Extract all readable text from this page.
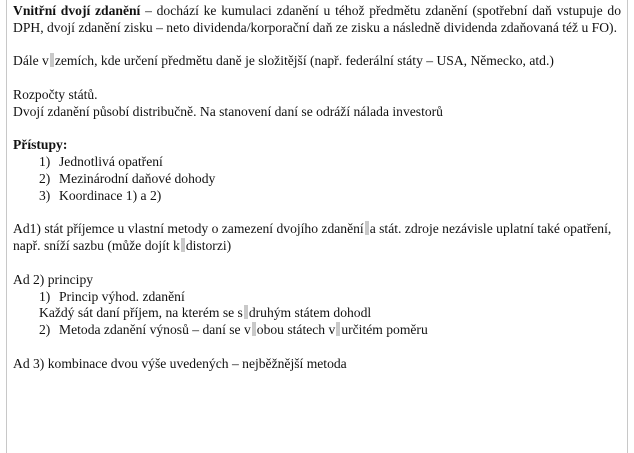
Vnitřní dvojí zdanění – dochází ke kumulaci zdanění u téhož předmětu zdanění (spotřební daň vstupuje do DPH, dvojí zdanění zisku – neto dividenda/korporační daň ze zisku a následně dividenda zdaňovaná též u FO).

Dále v zemích, kde určení předmětu daně je složitější (např. federální státy – USA, Německo, atd.)

Rozpočty států.

Dvojí zdanění působí distribučně. Na stanovení daní se odráží nálada investorů

Přístupy:

1) Jednotlivá opatření
2) Mezinárodní daňové dohody
3) Koordinace 1) a 2)

Ad1) stát příjemce u vlastní metody o zamezení dvojího zdanění a stát. zdroje nezávisle uplatní také opatření, např. sníží sazbu (může dojít k distorzi)

Ad 2) principy

1) Princip výhod. zdanění

Každý sát daní příjem, na kterém se s druhým státem dohodl

2) Metoda zdanění výnosů – daní se v obou státech v určitém poměru

Ad 3) kombinace dvou výše uvedených – nejběžnější metoda
